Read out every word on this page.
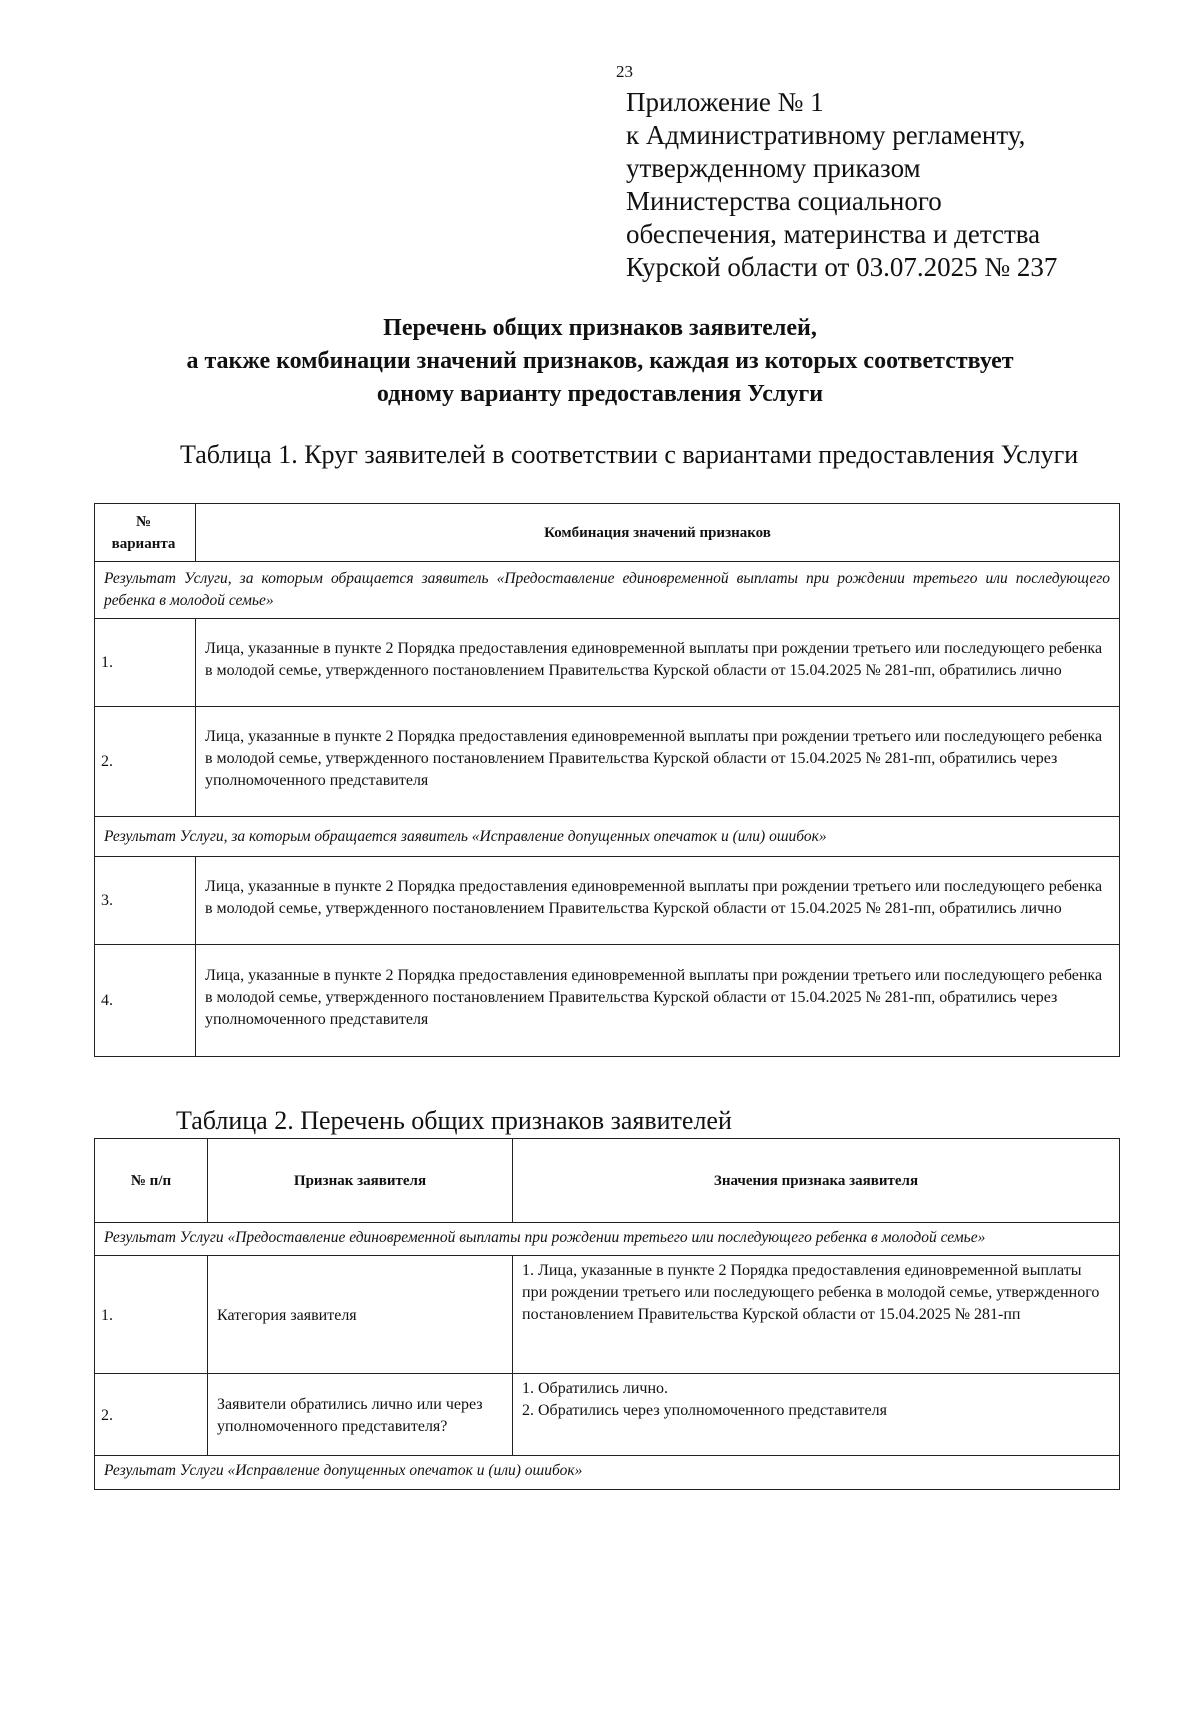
23
Приложение № 1
к Административному регламенту,
утвержденному приказом
Министерства социального
обеспечения, материнства и детства
Курской области от 03.07.2025 № 237
Перечень общих признаков заявителей,
а также комбинации значений признаков, каждая из которых соответствует
одному варианту предоставления Услуги
Таблица 1. Круг заявителей в соответствии с вариантами предоставления Услуги
№
варианта	Комбинация значений признаков
Результат Услуги, за которым обращается заявитель «Предоставление единовременной выплаты при рождении третьего или последующего ребенка в молодой семье»	
1.	Лица, указанные в пункте 2 Порядка предоставления единовременной выплаты при рождении третьего или последующего ребенка в молодой семье, утвержденного постановлением Правительства Курской области от 15.04.2025 № 281-пп, обратились лично
2.	Лица, указанные в пункте 2 Порядка предоставления единовременной выплаты при рождении третьего или последующего ребенка в молодой семье, утвержденного постановлением Правительства Курской области от 15.04.2025 № 281-пп, обратились через уполномоченного представителя
Результат Услуги, за которым обращается заявитель «Исправление допущенных опечаток и (или) ошибок»	
3.	Лица, указанные в пункте 2 Порядка предоставления единовременной выплаты при рождении третьего или последующего ребенка в молодой семье, утвержденного постановлением Правительства Курской области от 15.04.2025 № 281-пп, обратились лично
4.	Лица, указанные в пункте 2 Порядка предоставления единовременной выплаты при рождении третьего или последующего ребенка в молодой семье, утвержденного постановлением Правительства Курской области от 15.04.2025 № 281-пп, обратились через уполномоченного представителя
Таблица 2. Перечень общих признаков заявителей
№ п/п	Признак заявителя	Значения признака заявителя
Результат Услуги «Предоставление единовременной выплаты при рождении третьего или последующего ребенка в молодой семье»		
1.	Категория заявителя	1. Лица, указанные в пункте 2 Порядка предоставления единовременной выплаты при рождении третьего или последующего ребенка в молодой семье, утвержденного постановлением Правительства Курской области от 15.04.2025 № 281-пп

2.	Заявители обратились лично или через уполномоченного представителя?	1. Обратились лично.
2. Обратились через уполномоченного представителя

Результат Услуги «Исправление допущенных опечаток и (или) ошибок»		
